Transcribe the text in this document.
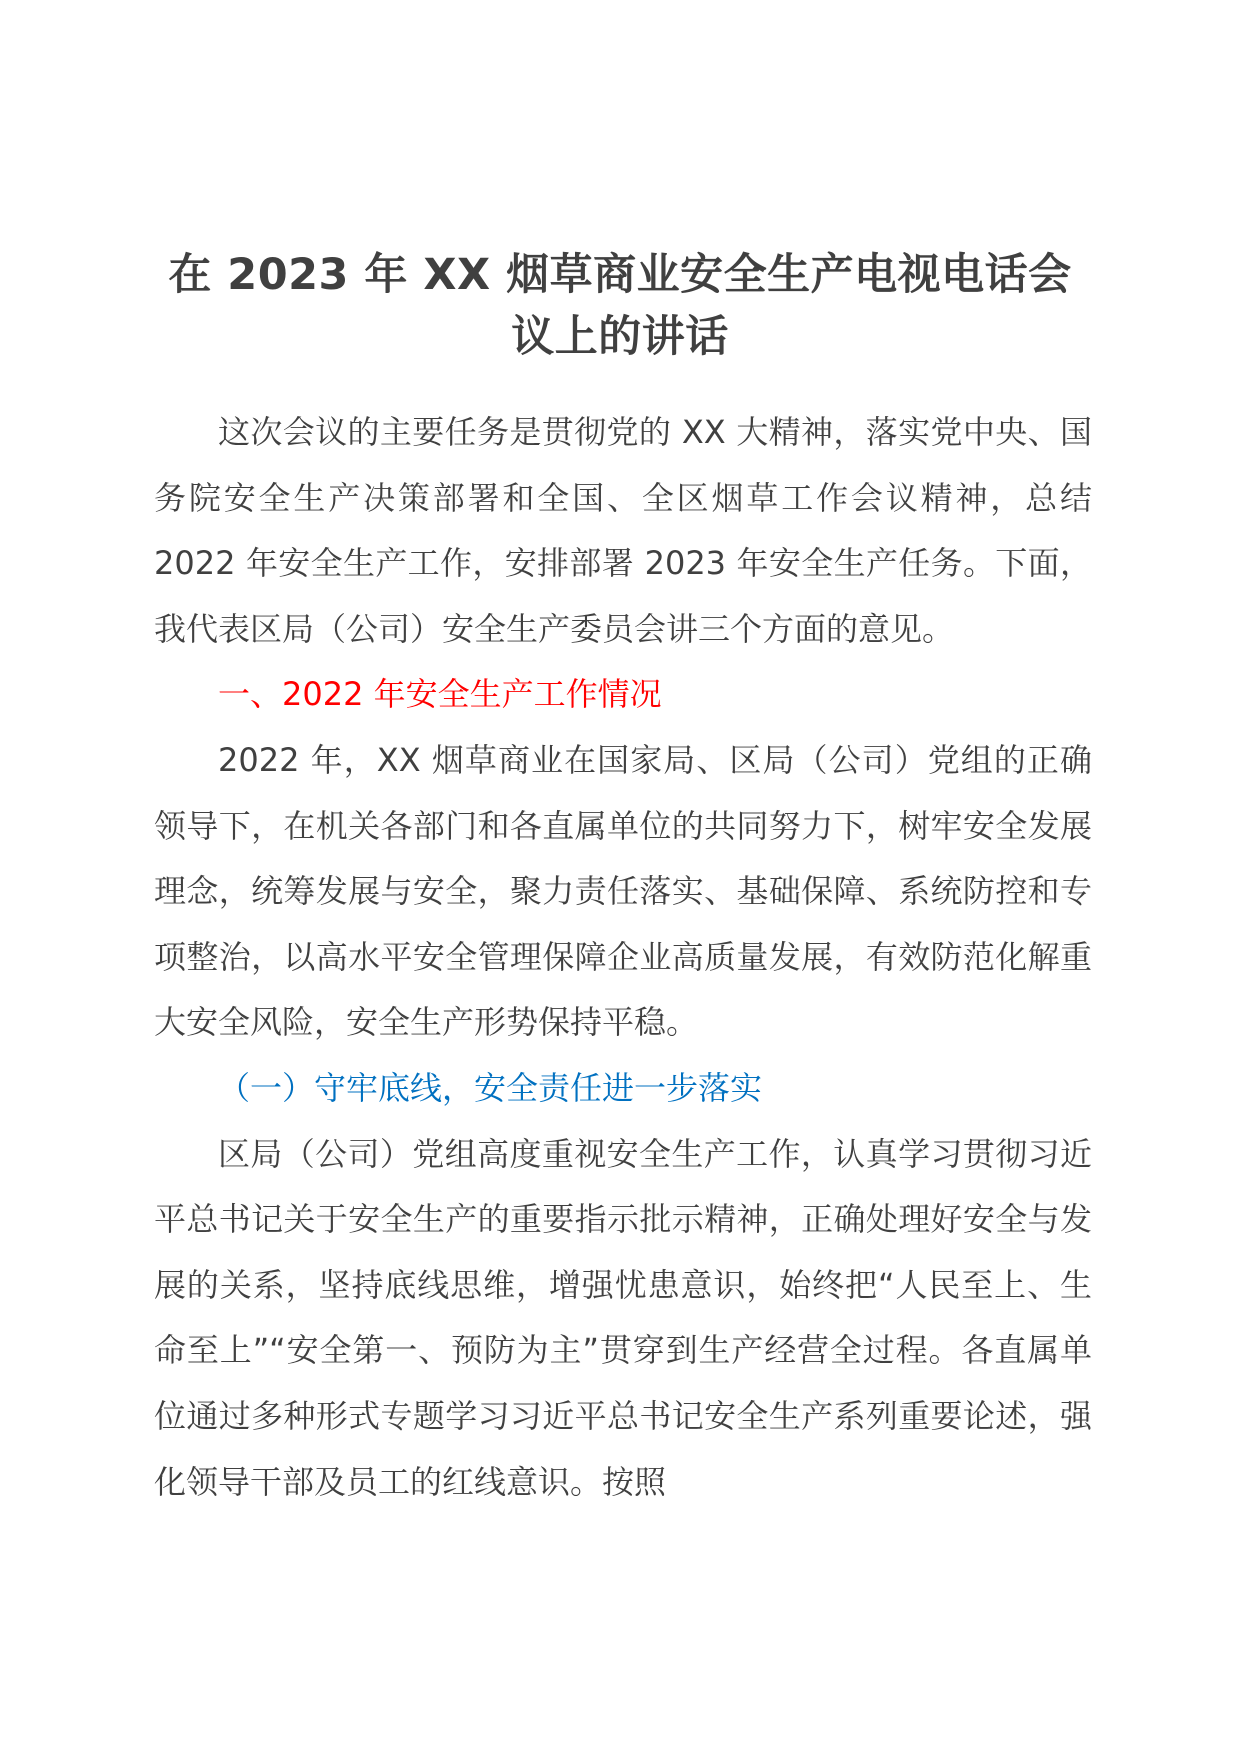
在 2023 年 XX 烟草商业安全生产电视电话会议上的讲话

这次会议的主要任务是贯彻党的 XX 大精神，落实党中央、国务院安全生产决策部署和全国、全区烟草工作会议精神，总结 2022 年安全生产工作，安排部署 2023 年安全生产任务。下面，我代表区局（公司）安全生产委员会讲三个方面的意见。

一、2022 年安全生产工作情况

2022 年，XX 烟草商业在国家局、区局（公司）党组的正确领导下，在机关各部门和各直属单位的共同努力下，树牢安全发展理念，统筹发展与安全，聚力责任落实、基础保障、系统防控和专项整治，以高水平安全管理保障企业高质量发展，有效防范化解重大安全风险，安全生产形势保持平稳。

（一）守牢底线，安全责任进一步落实

区局（公司）党组高度重视安全生产工作，认真学习贯彻习近平总书记关于安全生产的重要指示批示精神，正确处理好安全与发展的关系，坚持底线思维，增强忧患意识，始终把“人民至上、生命至上”“安全第一、预防为主”贯穿到生产经营全过程。各直属单位通过多种形式专题学习习近平总书记安全生产系列重要论述，强化领导干部及员工的红线意识。按照
